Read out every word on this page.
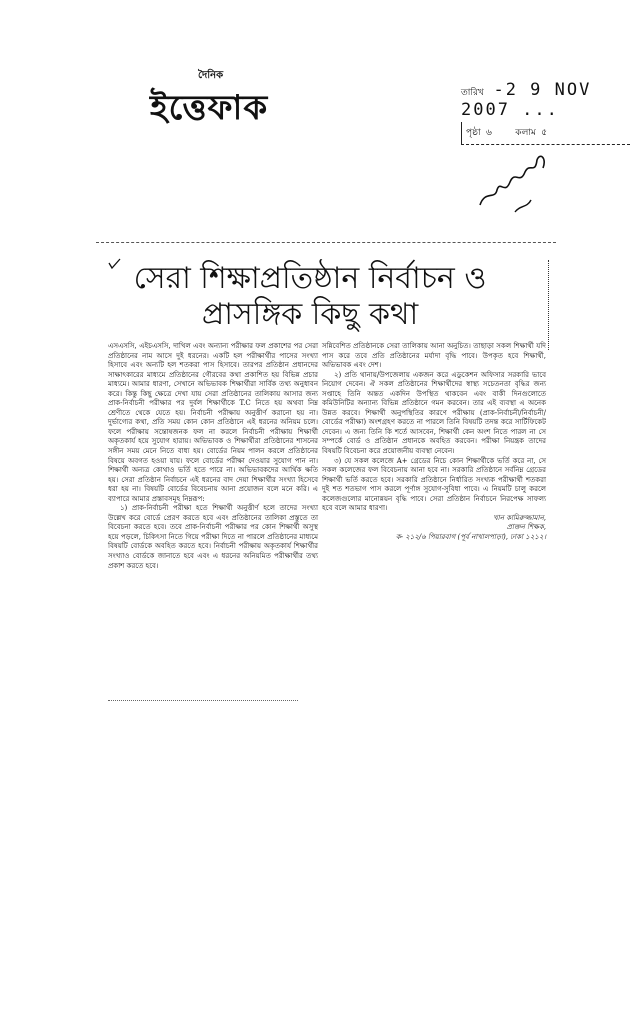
দৈনিক
ইত্তেফাক	তারিখ -2 9 NOV 2007 ...
পৃষ্ঠা ৬	কলাম ৫
সেরা শিক্ষাপ্রতিষ্ঠান নির্বাচন ও
প্রাসঙ্গিক কিছু কথা

এসএসসি, এইচএসসি, দাখিল এবং অন্যান্য পরীক্ষার ফল প্রকাশের পর সেরা প্রতিষ্ঠানের নাম আসে দুই ধরনের। একটি হল পরীক্ষার্থীর পাসের সংখ্যা হিসাবে এবং অন্যটি হল শতকরা পাস হিসাবে। তারপর প্রতিষ্ঠান প্রধানদের সাক্ষাৎকারের মাধ্যমে প্রতিষ্ঠানের গৌরবের কথা প্রকাশিত হয় বিভিন্ন প্রচার মাধ্যমে। আমার ধারণা, সেখানে অভিভাবক শিক্ষার্থীরা সার্বিক তথ্য অনুধাবন করে। কিন্তু কিছু ক্ষেত্রে দেখা যায় সেরা প্রতিষ্ঠানের তালিকায় আসার জন্য প্রাক-নির্বাচনী পরীক্ষার পর দুর্বল শিক্ষার্থীকে T.C নিতে হয় অথবা নিম্ন শ্রেণীতে থেকে যেতে হয়। নির্বাচনী পরীক্ষায় অনুত্তীর্ণ করানো হয় না। দুর্ভাগ্যের কথা, প্রতি সময় কোন কোন প্রতিষ্ঠানে এই ধরনের অনিয়ম চলে। ফলে পরীক্ষায় সন্তোষজনক ফল না করলে নির্বাচনী পরীক্ষায় শিক্ষার্থী অকৃতকার্য হয়ে সুযোগ হারায়। অভিভাবক ও শিক্ষার্থীরা প্রতিষ্ঠানের শাসনের সঙ্গীন সময় মেনে নিতে বাধ্য হয়। বোর্ডের নিয়ম পালন করলে প্রতিষ্ঠানের বিষয়ে অবগত হওয়া যায়। ফলে বোর্ডের পরীক্ষা দেওয়ার সুযোগ পান না। শিক্ষার্থী অন্যত্র কোথাও ভর্তি হতে পারে না। অভিভাবকদের আর্থিক ক্ষতি হয়। সেরা প্রতিষ্ঠান নির্বাচনে এই ধরনের বাদ দেয়া শিক্ষার্থীর সংখ্যা হিসেবে ধরা হয় না। বিষয়টি বোর্ডের বিবেচনায় আনা প্রয়োজন বলে মনে করি। এ ব্যাপারে আমার প্রস্তাবসমূহ নিম্নরূপ:

১) প্রাক-নির্বাচনী পরীক্ষা হতে শিক্ষার্থী অনুত্তীর্ণ হলে তাদের সংখ্যা উল্লেখ করে বোর্ডে প্রেরণ করতে হবে এবং প্রতিষ্ঠানের তালিকা প্রস্তুতে তা বিবেচনা করতে হবে। তবে প্রাক-নির্বাচনী পরীক্ষার পর কোন শিক্ষার্থী অসুস্থ হয়ে পড়লে, চিকিৎসা নিতে গিয়ে পরীক্ষা দিতে না পারলে প্রতিষ্ঠানের মাধ্যমে বিষয়টি বোর্ডকে অবহিত করতে হবে। নির্বাচনী পরীক্ষায় অকৃতকার্য শিক্ষার্থীর সংখ্যাও বোর্ডকে জানাতে হবে এবং এ ধরনের অনিয়মিত পরীক্ষার্থীর তথ্য প্রকাশ করতে হবে।

সন্নিবেশিত প্রতিষ্ঠানকে সেরা তালিকায় আনা অনুচিত। তাছাড়া সকল শিক্ষার্থী যদি পাস করে তবে প্রতি প্রতিষ্ঠানের মর্যাদা বৃদ্ধি পাবে। উপকৃত হবে শিক্ষার্থী, অভিভাবক এবং দেশ।

২) প্রতি থানায়/উপজেলায় একজন করে এডুকেশন অফিসার সরকারি ভাবে নিয়োগ দেবেন। ঐ সকল প্রতিষ্ঠানের শিক্ষার্থীদের স্বাস্থ্য সচেতনতা বৃদ্ধির জন্য সপ্তাহে তিনি অন্তত একদিন উপস্থিত থাকবেন এবং বাকী দিনগুলোতে কমিউনিটির অন্যান্য বিভিন্ন প্রতিষ্ঠানে গমন করবেন। তার এই ব্যবস্থা এ অনেক উন্নত করবে। শিক্ষার্থী অনুপস্থিতির কারণে পরীক্ষায় (প্রাক-নির্বাচনী/নির্বাচনী/বোর্ডের পরীক্ষা) অংশগ্রহণ করতে না পারলে তিনি বিষয়টি তদন্ত করে সার্টিফিকেট দেবেন। এ জন্য তিনি কি শর্তে আসবেন, শিক্ষার্থী কেন অংশ নিতে পারল না সে সম্পর্কে বোর্ড ও প্রতিষ্ঠান প্রধানকে অবহিত করবেন। পরীক্ষা নিয়ন্ত্রক তাদের বিষয়টি বিবেচনা করে প্রয়োজনীয় ব্যবস্থা নেবেন।

৩) যে সকল কলেজে A+ গ্রেডের নিচে কোন শিক্ষার্থীকে ভর্তি করে না, সে সকল কলেজের ফল বিবেচনায় আনা হবে না। সরকারি প্রতিষ্ঠানে সর্বনিম্ন গ্রেডের শিক্ষার্থী ভর্তি করতে হবে। সরকারি প্রতিষ্ঠানে নির্ধারিত সংখ্যক পরীক্ষার্থী শতকরা দুই শত শতভাগ পাস করলে পূর্ণাঙ্গ সুযোগ-সুবিধা পাবে। এ নিয়মটি চালু করলে কলেজগুলোর মানোন্নয়ন বৃদ্ধি পাবে। সেরা প্রতিষ্ঠান নির্বাচনে নিরপেক্ষ সাফল্য হবে বলে আমার ধারণা।

খান কামিরুজ্জামান,

প্রাক্তন শিক্ষক,

ক- ২১২/৬ পিয়ারবাগ (পূর্ব নাখালপাড়া), ঢাকা ১২১২।
